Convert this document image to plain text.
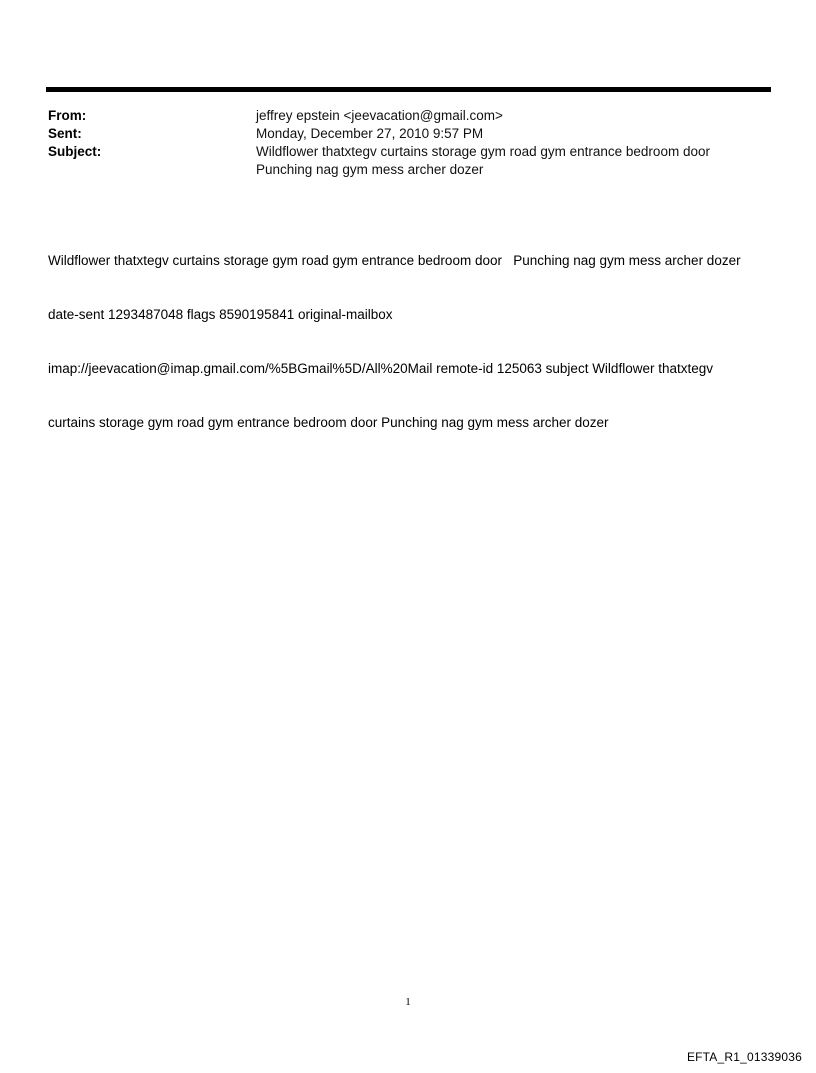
From:	jeffrey epstein <jeevacation@gmail.com>
Sent:	Monday, December 27, 2010 9:57 PM
Subject:	Wildflower thatxtegv curtains storage gym road gym entrance bedroom door
Punching nag gym mess archer dozer

Wildflower thatxtegv curtains storage gym road gym entrance bedroom door   Punching nag gym mess archer dozer

date-sent 1293487048 flags 8590195841 original-mailbox

imap://jeevacation@imap.gmail.com/%5BGmail%5D/All%20Mail remote-id 125063 subject Wildflower thatxtegv

curtains storage gym road gym entrance bedroom door Punching nag gym mess archer dozer

1
EFTA_R1_01339036
